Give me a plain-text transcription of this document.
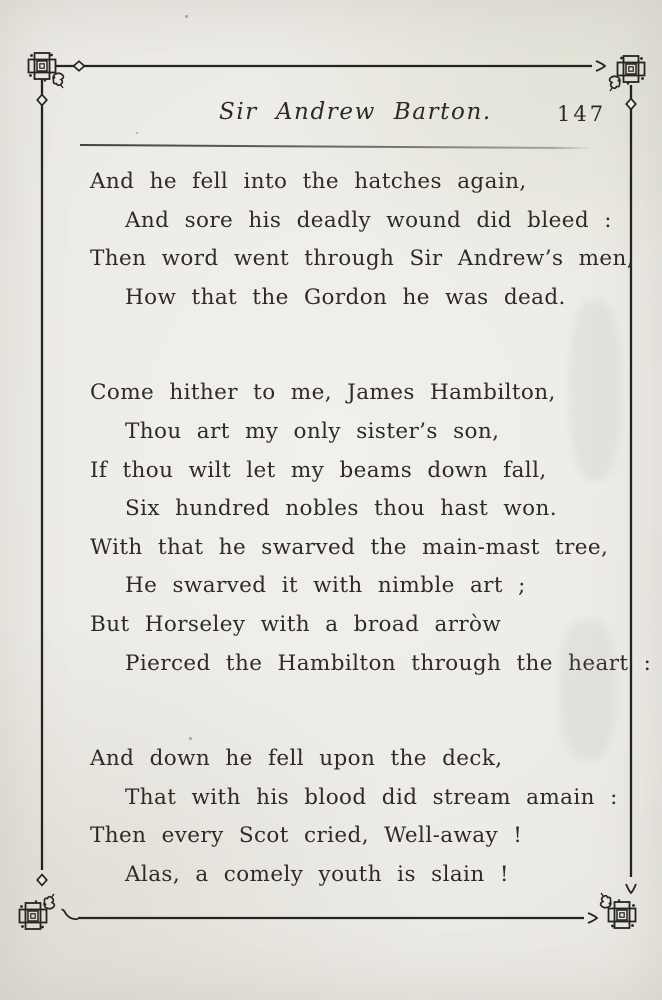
Sir Andrew Barton.	147
And he fell into the hatches again,
And sore his deadly wound did bleed :
Then word went through Sir Andrew’s men,
How that the Gordon he was dead.
Come hither to me, James Hambilton,
Thou art my only sister’s son,
If thou wilt let my beams down fall,
Six hundred nobles thou hast won.
With that he swarved the main-mast tree,
He swarved it with nimble art ;
But Horseley with a broad arròw
Pierced the Hambilton through the heart :
And down he fell upon the deck,
That with his blood did stream amain :
Then every Scot cried, Well-away !
Alas, a comely youth is slain !
